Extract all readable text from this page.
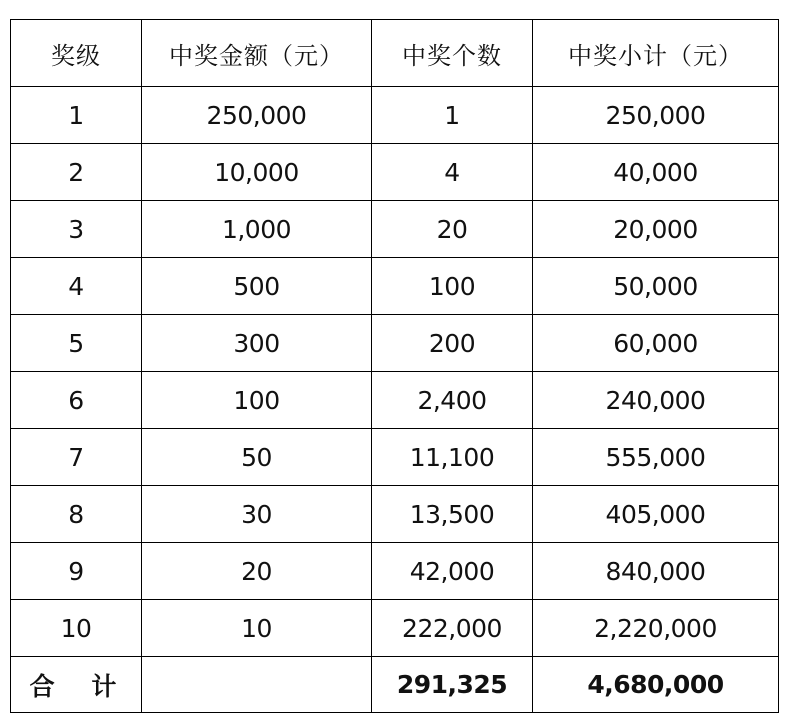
奖级	中奖金额（元）	中奖个数	中奖小计（元）
1	250,000	1	250,000
2	10,000	4	40,000
3	1,000	20	20,000
4	500	100	50,000
5	300	200	60,000
6	100	2,400	240,000
7	50	11,100	555,000
8	30	13,500	405,000
9	20	42,000	840,000
10	10	222,000	2,220,000
合 计		291,325	4,680,000
